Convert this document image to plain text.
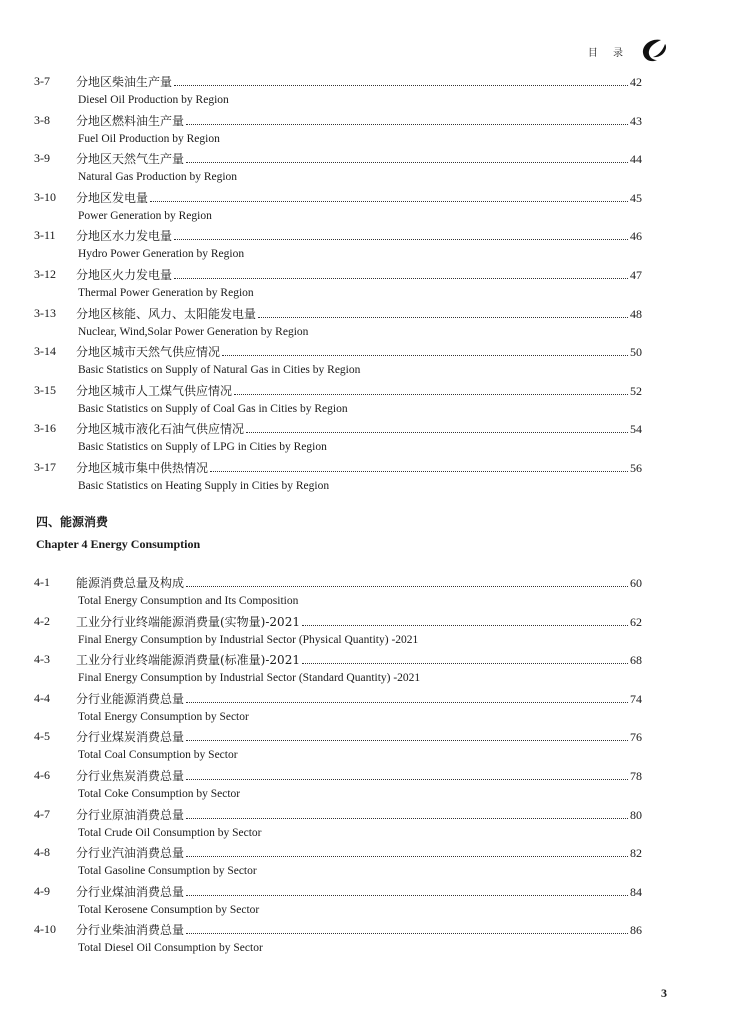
目 录
3-7 分地区柴油生产量	42
Diesel Oil Production by Region
3-8 分地区燃料油生产量	43
Fuel Oil Production by Region
3-9 分地区天然气生产量	44
Natural Gas Production by Region
3-10 分地区发电量	45
Power Generation by Region
3-11 分地区水力发电量	46
Hydro Power Generation by Region
3-12 分地区火力发电量	47
Thermal Power Generation by Region
3-13 分地区核能、风力、太阳能发电量	48
Nuclear, Wind,Solar Power Generation by Region
3-14 分地区城市天然气供应情况	50
Basic Statistics on Supply of Natural Gas in Cities by Region
3-15 分地区城市人工煤气供应情况	52
Basic Statistics on Supply of Coal Gas in Cities by Region
3-16 分地区城市液化石油气供应情况	54
Basic Statistics on Supply of LPG in Cities by Region
3-17 分地区城市集中供热情况	56
Basic Statistics on Heating Supply in Cities by Region
四、能源消费
Chapter 4 Energy Consumption
4-1 能源消费总量及构成	60
Total Energy Consumption and Its Composition
4-2 工业分行业终端能源消费量(实物量)-2021	62
Final Energy Consumption by Industrial Sector (Physical Quantity) -2021
4-3 工业分行业终端能源消费量(标准量)-2021	68
Final Energy Consumption by Industrial Sector (Standard Quantity) -2021
4-4 分行业能源消费总量	74
Total Energy Consumption by Sector
4-5 分行业煤炭消费总量	76
Total Coal Consumption by Sector
4-6 分行业焦炭消费总量	78
Total Coke Consumption by Sector
4-7 分行业原油消费总量	80
Total Crude Oil Consumption by Sector
4-8 分行业汽油消费总量	82
Total Gasoline Consumption by Sector
4-9 分行业煤油消费总量	84
Total Kerosene Consumption by Sector
4-10 分行业柴油消费总量	86
Total Diesel Oil Consumption by Sector
3
